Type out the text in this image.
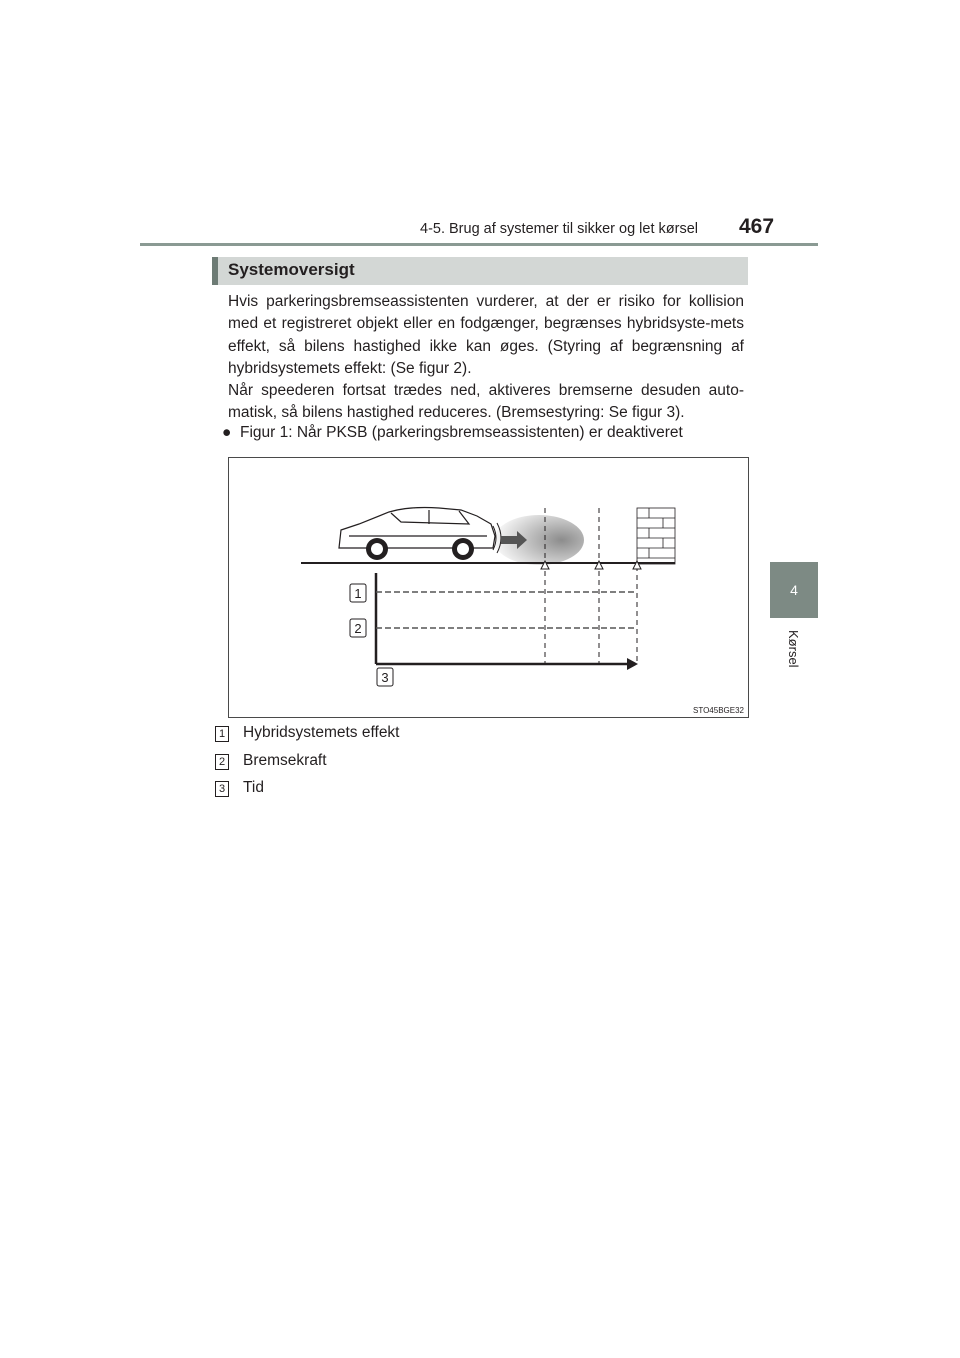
4-5. Brug af systemer til sikker og let kørsel 467
4
Kørsel
Systemoversigt

Hvis parkeringsbremseassistenten vurderer, at der er risiko for kollision med et registreret objekt eller en fodgænger, begrænses hybridsyste-mets effekt, så bilens hastighed ikke kan øges. (Styring af begrænsning af hybridsystemets effekt: (Se figur 2).

Når speederen fortsat trædes ned, aktiveres bremserne desuden auto-matisk, så bilens hastighed reduceres. (Bremsestyring: Se figur 3).

● Figur 1: Når PKSB (parkeringsbremseassistenten) er deaktiveret
1
2
3
STO45BGE32
1 Hybridsystemets effekt
2 Bremsekraft
3 Tid
